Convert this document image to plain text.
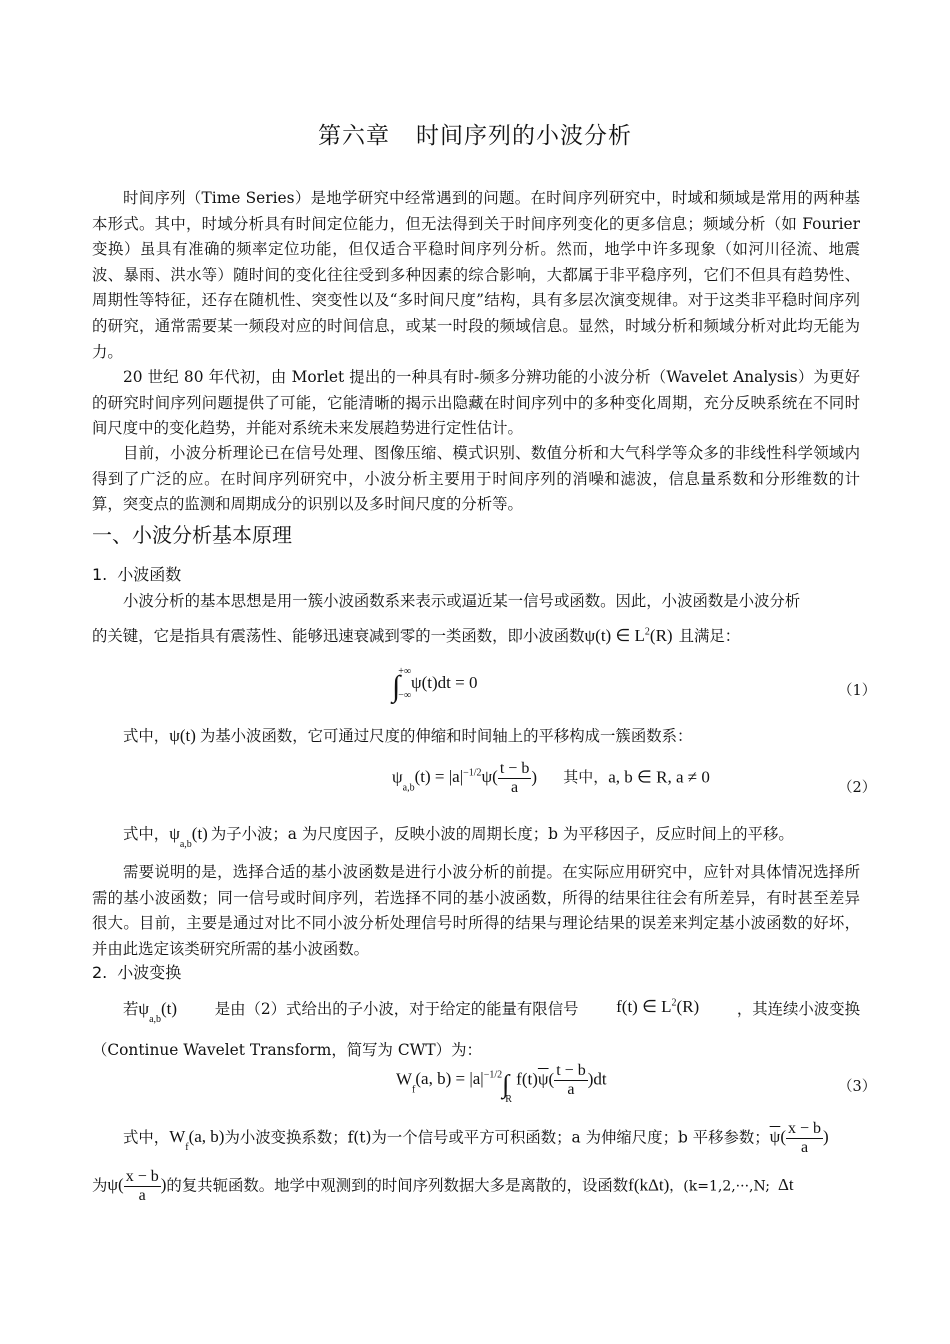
第六章 时间序列的小波分析

时间序列（Time Series）是地学研究中经常遇到的问题。在时间序列研究中，时域和频域是常用的两种基本形式。其中，时域分析具有时间定位能力，但无法得到关于时间序列变化的更多信息；频域分析（如 Fourier 变换）虽具有准确的频率定位功能，但仅适合平稳时间序列分析。然而，地学中许多现象（如河川径流、地震波、暴雨、洪水等）随时间的变化往往受到多种因素的综合影响，大都属于非平稳序列，它们不但具有趋势性、周期性等特征，还存在随机性、突变性以及“多时间尺度”结构，具有多层次演变规律。对于这类非平稳时间序列的研究，通常需要某一频段对应的时间信息，或某一时段的频域信息。显然，时域分析和频域分析对此均无能为力。

20 世纪 80 年代初，由 Morlet 提出的一种具有时-频多分辨功能的小波分析（Wavelet Analysis）为更好的研究时间序列问题提供了可能，它能清晰的揭示出隐藏在时间序列中的多种变化周期，充分反映系统在不同时间尺度中的变化趋势，并能对系统未来发展趋势进行定性估计。

目前，小波分析理论已在信号处理、图像压缩、模式识别、数值分析和大气科学等众多的非线性科学领域内得到了广泛的应。在时间序列研究中，小波分析主要用于时间序列的消噪和滤波，信息量系数和分形维数的计算，突变点的监测和周期成分的识别以及多时间尺度的分析等。

一、小波分析基本原理
1. 小波函数
小波分析的基本思想是用一簇小波函数系来表示或逼近某一信号或函数。因此，小波函数是小波分析
的关键，它是指具有震荡性、能够迅速衰减到零的一类函数，即小波函数ψ(t) ∈ $L^2(R)$ 且满足：
∫
+∞
−∞
ψ(t)dt = 0	（1）
式中，ψ(t) 为基小波函数，它可通过尺度的伸缩和时间轴上的平移构成一簇函数系：
$\psi_{a,b}(t) = |a|^{-1/2}\psi( \frac{t - b}{a}$ ) 其中，a, b ∈ R, a ≠ 0
（2）
式中，$\psi_{a,b}(t)$ 为子小波；a 为尺度因子，反映小波的周期长度；b 为平移因子，反应时间上的平移。

需要说明的是，选择合适的基小波函数是进行小波分析的前提。在实际应用研究中，应针对具体情况选择所需的基小波函数；同一信号或时间序列，若选择不同的基小波函数，所得的结果往往会有所差异，有时甚至差异很大。目前，主要是通过对比不同小波分析处理信号时所得的结果与理论结果的误差来判定基小波函数的好坏，并由此选定该类研究所需的基小波函数。

2. 小波变换
若$\psi_{a,b}(t)$ 是由（2）式给出的子小波，对于给定的能量有限信号 f(t) ∈ $L^2(R)$ ，其连续小波变换
（Continue Wavelet Transform，简写为 CWT）为：
$W_f(a$, $b) = |a|^{-1/2}\int_R$ $f(t)\overline{\psi}( \frac{t - b}{a} )dt$	（3）
式中，$W_f(a$, b)为小波变换系数；f(t)为一个信号或平方可积函数；a 为伸缩尺度；b 平移参数；$\overline{\psi}( \frac{x - b}{a}$ )
为$\psi( \frac{x - b}{a}$ )的复共轭函数。地学中观测到的时间序列数据大多是离散的，设函数f(kΔt)，(k=1,2,···,N; Δt
